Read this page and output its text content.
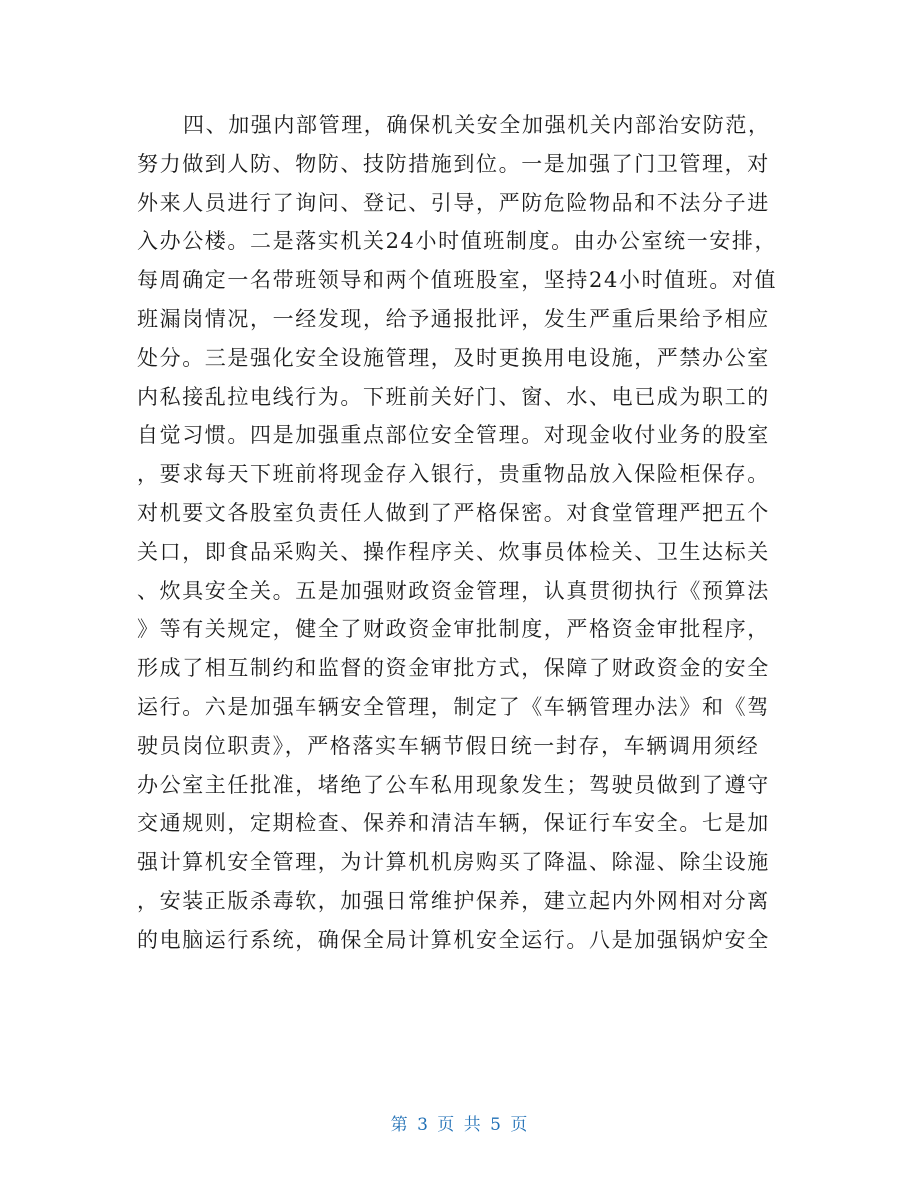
四、加强内部管理，确保机关安全加强机关内部治安防范，
努力做到人防、物防、技防措施到位。一是加强了门卫管理，对
外来人员进行了询问、登记、引导，严防危险物品和不法分子进
入办公楼。二是落实机关24小时值班制度。由办公室统一安排，
每周确定一名带班领导和两个值班股室，坚持24小时值班。对值
班漏岗情况，一经发现，给予通报批评，发生严重后果给予相应
处分。三是强化安全设施管理，及时更换用电设施，严禁办公室
内私接乱拉电线行为。下班前关好门、窗、水、电已成为职工的
自觉习惯。四是加强重点部位安全管理。对现金收付业务的股室
，要求每天下班前将现金存入银行，贵重物品放入保险柜保存。
对机要文各股室负责任人做到了严格保密。对食堂管理严把五个
关口，即食品采购关、操作程序关、炊事员体检关、卫生达标关
、炊具安全关。五是加强财政资金管理，认真贯彻执行《预算法
》等有关规定，健全了财政资金审批制度，严格资金审批程序，
形成了相互制约和监督的资金审批方式，保障了财政资金的安全
运行。六是加强车辆安全管理，制定了《车辆管理办法》和《驾
驶员岗位职责》，严格落实车辆节假日统一封存，车辆调用须经
办公室主任批准，堵绝了公车私用现象发生；驾驶员做到了遵守
交通规则，定期检查、保养和清洁车辆，保证行车安全。七是加
强计算机安全管理，为计算机机房购买了降温、除湿、除尘设施
，安装正版杀毒软，加强日常维护保养，建立起内外网相对分离
的电脑运行系统，确保全局计算机安全运行。八是加强锅炉安全
第 3 页 共 5 页
